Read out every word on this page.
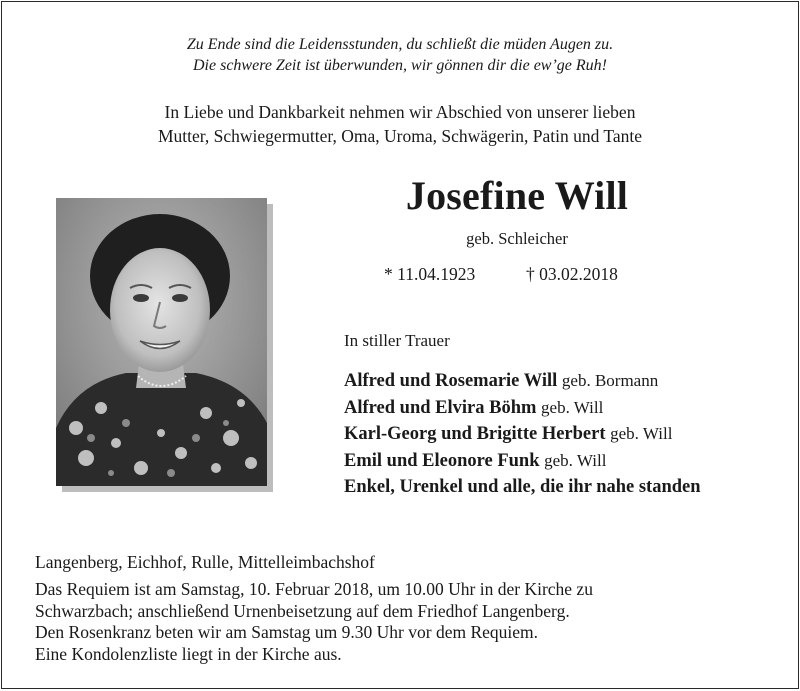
Zu Ende sind die Leidensstunden, du schließt die müden Augen zu.
Die schwere Zeit ist überwunden, wir gönnen dir die ew’ge Ruh!
In Liebe und Dankbarkeit nehmen wir Abschied von unserer lieben
Mutter, Schwiegermutter, Oma, Uroma, Schwägerin, Patin und Tante
Josefine Will
geb. Schleicher
* 11.04.1923	† 03.02.2018
In stiller Trauer
Alfred und Rosemarie Will geb. Bormann
Alfred und Elvira Böhm geb. Will
Karl-Georg und Brigitte Herbert geb. Will
Emil und Eleonore Funk geb. Will
Enkel, Urenkel und alle, die ihr nahe standen
Langenberg, Eichhof, Rulle, Mittelleimbachshof
Das Requiem ist am Samstag, 10. Februar 2018, um 10.00 Uhr in der Kirche zu
Schwarzbach; anschließend Urnenbeisetzung auf dem Friedhof Langenberg.
Den Rosenkranz beten wir am Samstag um 9.30 Uhr vor dem Requiem.
Eine Kondolenzliste liegt in der Kirche aus.
